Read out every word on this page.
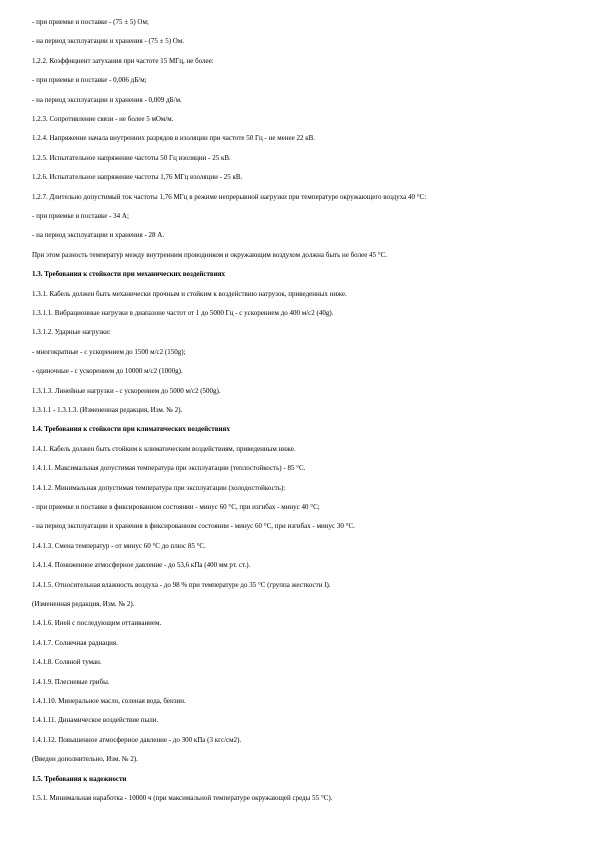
- при приемке и поставке - (75 ± 5) Ом;
- на период эксплуатации и хранения - (75 ± 5) Ом.
1.2.2. Коэффициент затухания при частоте 15 МГц, не более:
- при приемке и поставке - 0,006 дБ/м;
- на период эксплуатации и хранения - 0,009 дБ/м.
1.2.3. Сопротивление связи - не более 5 мОм/м.
1.2.4. Напряжение начала внутренних разрядов в изоляции при частоте 50 Гц - не менее 22 кВ.
1.2.5. Испытательное напряжение частоты 50 Гц изоляции - 25 кВ.
1.2.6. Испытательное напряжение частоты 1,76 МГц изоляции - 25 кВ.
1.2.7. Длительно допустимый ток частоты 1,76 МГц в режиме непрерывной нагрузки при температуре окружающего воздуха 40 °С:
- при приемке и поставке - 34 А;
- на период эксплуатации и хранения - 28 А.
При этом разность температур между внутренним проводником и окружающим воздухом должна быть не более 45 °С.
1.3. Требования к стойкости при механических воздействиях
1.3.1. Кабель должен быть механически прочным и стойким к воздействию нагрузок, приведенных ниже.
1.3.1.1. Вибрационные нагрузки в диапазоне частот от 1 до 5000 Гц - с ускорением до 400 м/с2 (40g).
1.3.1.2. Ударные нагрузки:
- многократные - с ускорением до 1500 м/с2 (150g);
- одиночные - с ускорением до 10000 м/с2 (1000g).
1.3.1.3. Линейные нагрузки - с ускорением до 5000 м/с2 (500g).
1.3.1.1 - 1.3.1.3. (Измененная редакция, Изм. № 2).
1.4. Требования к стойкости при климатических воздействиях
1.4.1. Кабель должен быть стойким к климатическим воздействиям, приведенным ниже.
1.4.1.1. Максимальная допустимая температура при эксплуатации (теплостойкость) - 85 °С.
1.4.1.2. Минимальная допустимая температура при эксплуатации (холодостойкость):
- при приемке и поставке в фиксированном состоянии - минус 60 °С, при изгибах - минус 40 °С;
- на период эксплуатации и хранения в фиксированном состоянии - минус 60 °С, при изгибах - минус 30 °С.
1.4.1.3. Смена температур - от минус 60 °С до плюс 85 °С.
1.4.1.4. Пониженное атмосферное давление - до 53,6 кПа (400 мм рт. ст.).
1.4.1.5. Относительная влажность воздуха - до 98 % при температуре до 35 °С (группа жесткости I).
(Измененная редакция, Изм. № 2).
1.4.1.6. Иней с последующим оттаиванием.
1.4.1.7. Солнечная радиация.
1.4.1.8. Соляной туман.
1.4.1.9. Плесневые грибы.
1.4.1.10. Минеральное масло, соленая вода, бензин.
1.4.1.11. Динамическое воздействие пыли.
1.4.1.12. Повышенное атмосферное давление - до 300 кПа (3 кгс/см2).
(Введен дополнительно, Изм. № 2).
1.5. Требования к надежности
1.5.1. Минимальная наработка - 10000 ч (при максимальной температуре окружающей среды 55 °С).
